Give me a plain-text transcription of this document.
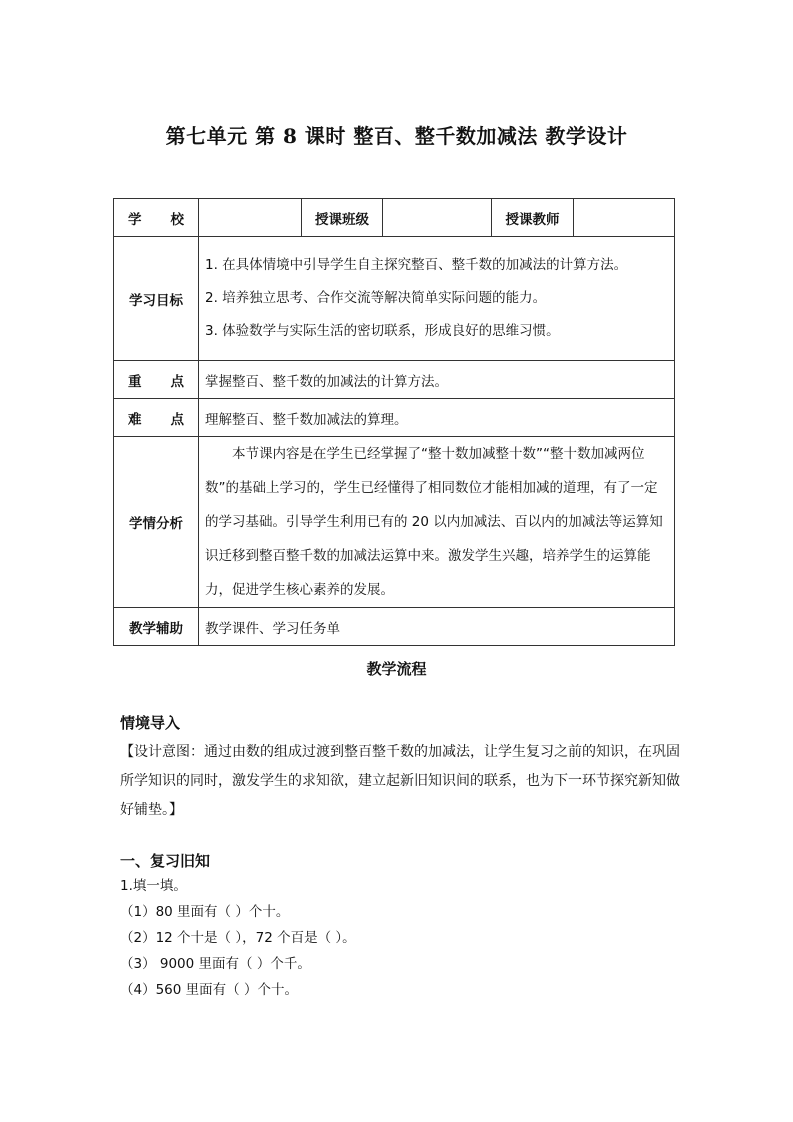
第七单元 第 8 课时 整百、整千数加减法 教学设计
学 校		授课班级		授课教师	
学习目标	1. 在具体情境中引导学生自主探究整百、整千数的加减法的计算方法。

2. 培养独立思考、合作交流等解决简单实际问题的能力。

3. 体验数学与实际生活的密切联系，形成良好的思维习惯。				

重 点	掌握整百、整千数的加减法的计算方法。				
难 点	理解整百、整千数加减法的算理。				
学情分析	本节课内容是在学生已经掌握了“整十数加减整十数”“整十数加减两位数”的基础上学习的，学生已经懂得了相同数位才能相加减的道理，有了一定的学习基础。引导学生利用已有的 20 以内加减法、百以内的加减法等运算知识迁移到整百整千数的加减法运算中来。激发学生兴趣，培养学生的运算能力，促进学生核心素养的发展。				

教学辅助	教学课件、学习任务单				
教学流程
情境导入
【设计意图：通过由数的组成过渡到整百整千数的加减法，让学生复习之前的知识，在巩固所学知识的同时，激发学生的求知欲，建立起新旧知识间的联系，也为下一环节探究新知做好铺垫。】
一、复习旧知
1.填一填。
（1）80 里面有（ ）个十。
（2）12 个十是（ ），72 个百是（ ）。
（3） 9000 里面有（ ）个千。
（4）560 里面有（ ）个十。
